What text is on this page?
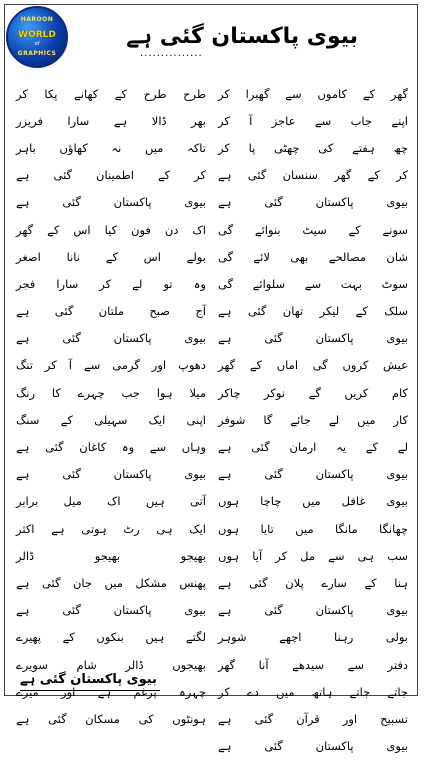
HAROON
WORLD
of
GRAPHICS	...............
بیوی پاکستان گئی ہے
گھر کے کاموں سے گھبرا کر
طرح طرح کے کھانے پکا کر
اپنے جاب سے عاجز آ کر
بھر ڈالا ہے سارا فریزر
چھ ہفتے کی چھٹی پا کر
تاکہ میں نہ کھاؤں باہر
کر کے گھر سنسان گئی ہے
کر کے اطمینان گئی ہے
بیوی پاکستان گئی ہے
بیوی پاکستان گئی ہے
سونے کے سیٹ بنوائے گی
اک دن فون کیا اس کے گھر
شان مصالحے بھی لائے گی
بولے اس کے نانا اصغر
سوٹ بہت سے سلوائے گی
وہ تو لے کر سارا فجر
سلک کے لیکر تھان گئی ہے
آج صبح ملتان گئی ہے
بیوی پاکستان گئی ہے
بیوی پاکستان گئی ہے
عیش کروں گی اماں کے گھر
دھوپ اور گرمی سے آ کر تنگ
کام کریں گے نوکر چاکر
میلا ہوا جب چہرے کا رنگ
کار میں لے جائے گا شوفر
اپنی ایک سہیلی کے سنگ
لے کے یہ ارمان گئی ہے
وہاں سے وہ کاغان گئی ہے
بیوی پاکستان گئی ہے
بیوی پاکستان گئی ہے
بیوی غافل میں چاچا ہوں
آتی ہیں اک میل برابر
چھانگا مانگا میں تایا ہوں
ایک ہی رٹ ہوتی ہے اکثر
سب ہی سے مل کر آیا ہوں
بھیجو بھیجو ڈالر
ہنا کے سارے پلان گئی ہے
پھنس مشکل میں جان گئی ہے
بیوی پاکستان گئی ہے
بیوی پاکستان گئی ہے
بولی رہنا اچھے شوہر
لگتے ہیں بنکوں کے پھیرے
دفتر سے سیدھے آنا گھر
بھیجوں ڈالر شام سویرے
جاتے جاتے ہاتھ میں دے کر
چہرہ پرغم ہے اور میرے
تسبیح اور قرآن گئی ہے
ہونٹوں کی مسکان گئی ہے
بیوی پاکستان گئی ہے
بیوی پاکستان گئی ہے
